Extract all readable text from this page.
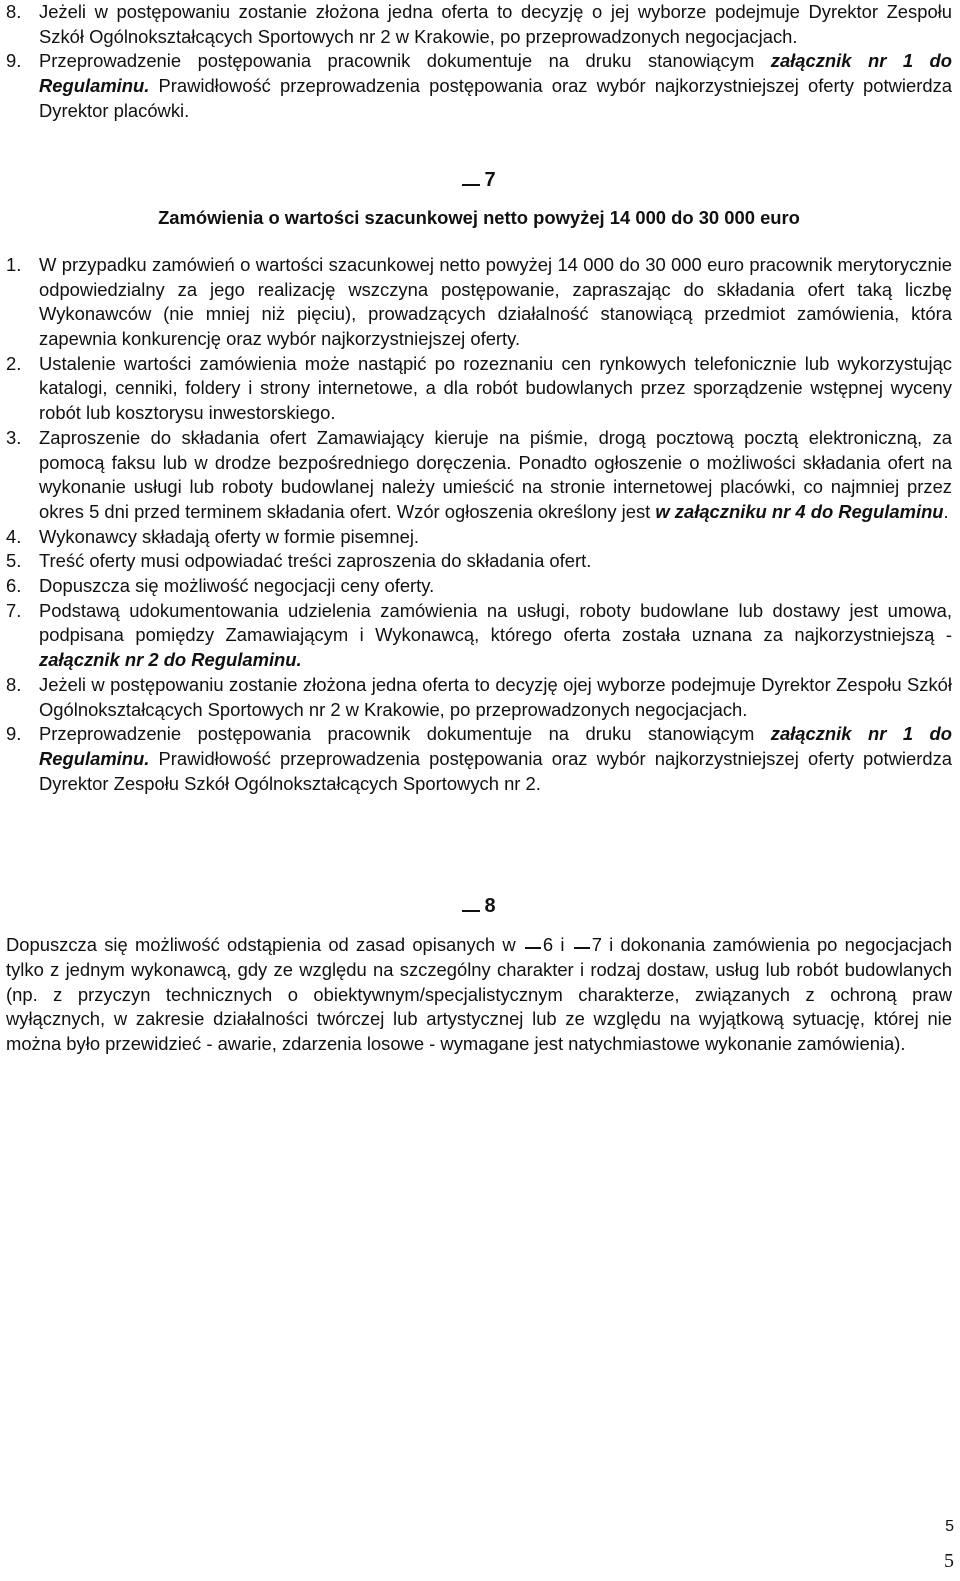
8. Jeżeli w postępowaniu zostanie złożona jedna oferta to decyzję o jej wyborze podejmuje Dyrektor Zespołu Szkół Ogólnokształcących Sportowych nr 2 w Krakowie, po przeprowadzonych negocjacjach.
9. Przeprowadzenie postępowania pracownik dokumentuje na druku stanowiącym załącznik nr 1 do Regulaminu. Prawidłowość przeprowadzenia postępowania oraz wybór najkorzystniejszej oferty potwierdza Dyrektor placówki.
7
Zamówienia o wartości szacunkowej netto powyżej 14 000 do 30 000 euro
1. W przypadku zamówień o wartości szacunkowej netto powyżej 14 000 do 30 000 euro pracownik merytorycznie odpowiedzialny za jego realizację wszczyna postępowanie, zapraszając do składania ofert taką liczbę Wykonawców (nie mniej niż pięciu), prowadzących działalność stanowiącą przedmiot zamówienia, która zapewnia konkurencję oraz wybór najkorzystniejszej oferty.
2. Ustalenie wartości zamówienia może nastąpić po rozeznaniu cen rynkowych telefonicznie lub wykorzystując katalogi, cenniki, foldery i strony internetowe, a dla robót budowlanych przez sporządzenie wstępnej wyceny robót lub kosztorysu inwestorskiego.
3. Zaproszenie do składania ofert Zamawiający kieruje na piśmie, drogą pocztową pocztą elektroniczną, za pomocą faksu lub w drodze bezpośredniego doręczenia. Ponadto ogłoszenie o możliwości składania ofert na wykonanie usługi lub roboty budowlanej należy umieścić na stronie internetowej placówki, co najmniej przez okres 5 dni przed terminem składania ofert. Wzór ogłoszenia określony jest w załączniku nr 4 do Regulaminu.
4. Wykonawcy składają oferty w formie pisemnej.
5. Treść oferty musi odpowiadać treści zaproszenia do składania ofert.
6. Dopuszcza się możliwość negocjacji ceny oferty.
7. Podstawą udokumentowania udzielenia zamówienia na usługi, roboty budowlane lub dostawy jest umowa, podpisana pomiędzy Zamawiającym i Wykonawcą, którego oferta została uznana za najkorzystniejszą - załącznik nr 2 do Regulaminu.
8. Jeżeli w postępowaniu zostanie złożona jedna oferta to decyzję ojej wyborze podejmuje Dyrektor Zespołu Szkół Ogólnokształcących Sportowych nr 2 w Krakowie, po przeprowadzonych negocjacjach.
9. Przeprowadzenie postępowania pracownik dokumentuje na druku stanowiącym załącznik nr 1 do Regulaminu. Prawidłowość przeprowadzenia postępowania oraz wybór najkorzystniejszej oferty potwierdza Dyrektor Zespołu Szkół Ogólnokształcących Sportowych nr 2.
8
Dopuszcza się możliwość odstąpienia od zasad opisanych w 6 i 7 i dokonania zamówienia po negocjacjach tylko z jednym wykonawcą, gdy ze względu na szczególny charakter i rodzaj dostaw, usług lub robót budowlanych (np. z przyczyn technicznych o obiektywnym/specjalistycznym charakterze, związanych z ochroną praw wyłącznych, w zakresie działalności twórczej lub artystycznej lub ze względu na wyjątkową sytuację, której nie można było przewidzieć - awarie, zdarzenia losowe - wymagane jest natychmiastowe wykonanie zamówienia).
5
5
